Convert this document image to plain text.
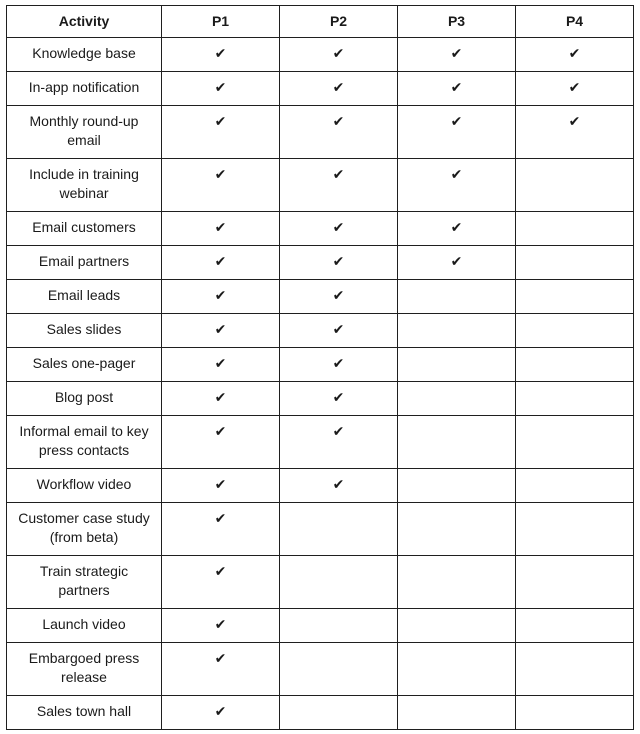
Activity	P1	P2	P3	P4
Knowledge base	✔	✔	✔	✔
In-app notification	✔	✔	✔	✔
Monthly round-up email	✔	✔	✔	✔
Include in training webinar	✔	✔	✔	
Email customers	✔	✔	✔	
Email partners	✔	✔	✔	
Email leads	✔	✔		
Sales slides	✔	✔		
Sales one-pager	✔	✔		
Blog post	✔	✔		
Informal email to key press contacts	✔	✔		
Workflow video	✔	✔		
Customer case study (from beta)	✔			
Train strategic partners	✔			
Launch video	✔			
Embargoed press release	✔			
Sales town hall	✔			
